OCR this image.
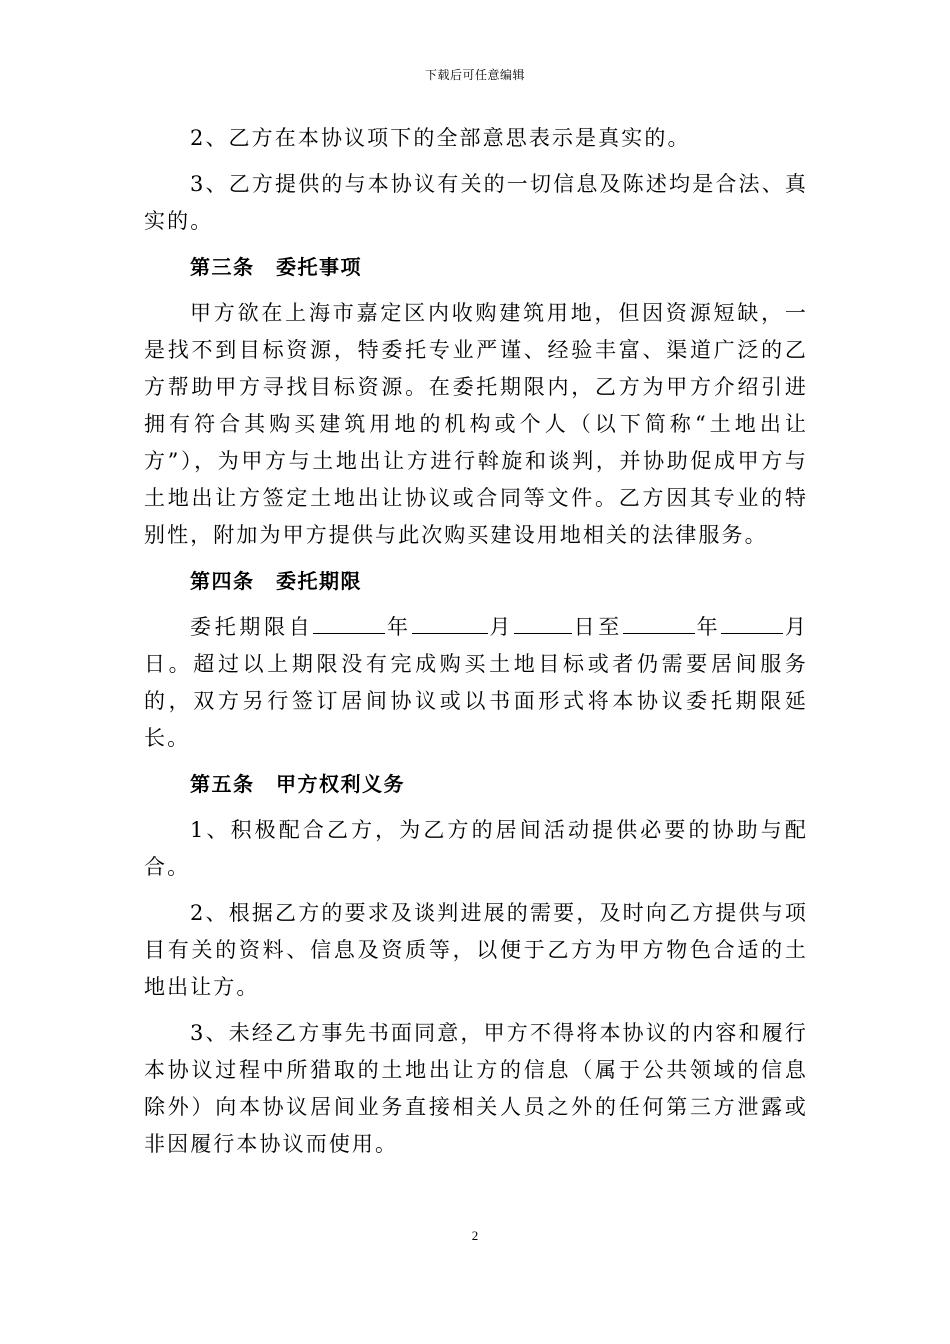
下载后可任意编辑

2、乙方在本协议项下的全部意思表示是真实的。

3、乙方提供的与本协议有关的一切信息及陈述均是合法、真实的。

第三条　委托事项

甲方欲在上海市嘉定区内收购建筑用地，但因资源短缺，一是找不到目标资源，特委托专业严谨、经验丰富、渠道广泛的乙方帮助甲方寻找目标资源。在委托期限内，乙方为甲方介绍引进拥有符合其购买建筑用地的机构或个人（以下简称“土地出让方”），为甲方与土地出让方进行斡旋和谈判，并协助促成甲方与土地出让方签定土地出让协议或合同等文件。乙方因其专业的特别性，附加为甲方提供与此次购买建设用地相关的法律服务。

第四条　委托期限

委托期限自	年	月	日至	年	月日。超过以上期限没有完成购买土地目标或者仍需要居间服务的，双方另行签订居间协议或以书面形式将本协议委托期限延长。

第五条　甲方权利义务

1、积极配合乙方，为乙方的居间活动提供必要的协助与配合。

2、根据乙方的要求及谈判进展的需要，及时向乙方提供与项目有关的资料、信息及资质等，以便于乙方为甲方物色合适的土地出让方。

3、未经乙方事先书面同意，甲方不得将本协议的内容和履行本协议过程中所猎取的土地出让方的信息（属于公共领域的信息除外）向本协议居间业务直接相关人员之外的任何第三方泄露或非因履行本协议而使用。

2
